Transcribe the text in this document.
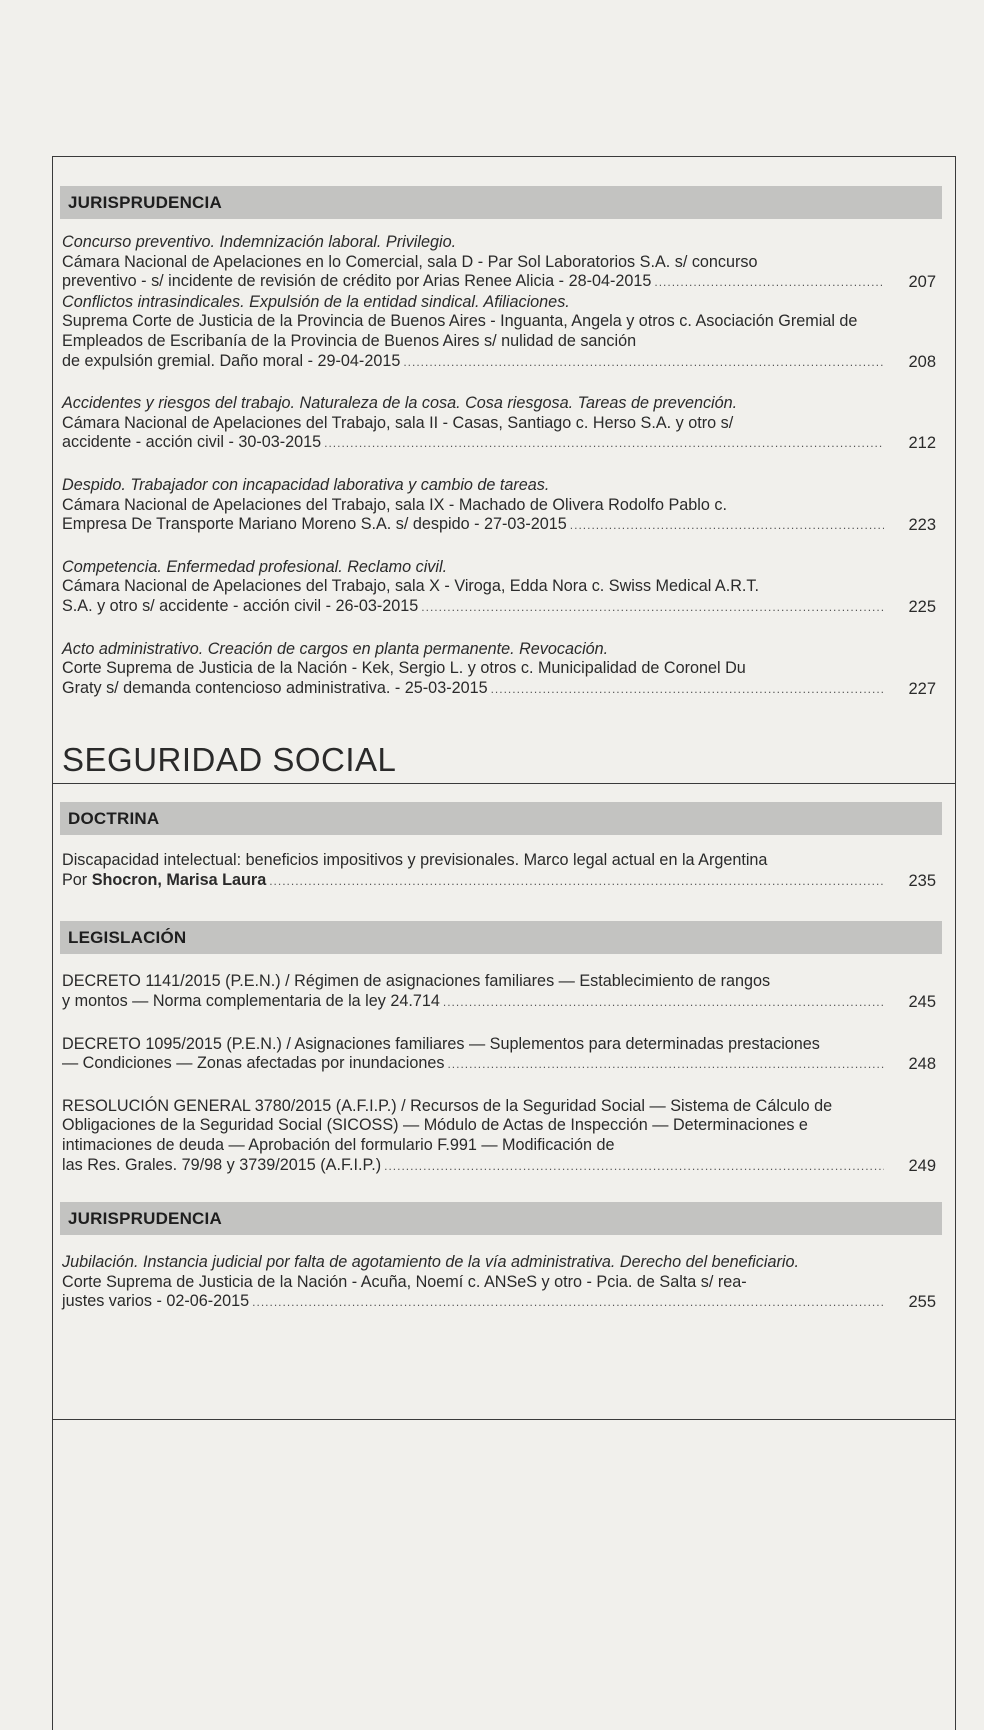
JURISPRUDENCIA
Concurso preventivo. Indemnización laboral. Privilegio.
Cámara Nacional de Apelaciones en lo Comercial, sala D - Par Sol Laboratorios S.A. s/ concurso
preventivo - s/ incidente de revisión de crédito por Arias Renee Alicia - 28-04-2015 .....	207
Conflictos intrasindicales. Expulsión de la entidad sindical. Afiliaciones.
Suprema Corte de Justicia de la Provincia de Buenos Aires - Inguanta, Angela y otros c. Asociación Gremial de Empleados de Escribanía de la Provincia de Buenos Aires s/ nulidad de sanción
de expulsión gremial. Daño moral - 29-04-2015 .....	208
Accidentes y riesgos del trabajo. Naturaleza de la cosa. Cosa riesgosa. Tareas de prevención.
Cámara Nacional de Apelaciones del Trabajo, sala II - Casas, Santiago c. Herso S.A. y otro s/
accidente - acción civil - 30-03-2015 .....	212
Despido. Trabajador con incapacidad laborativa y cambio de tareas.
Cámara Nacional de Apelaciones del Trabajo, sala IX - Machado de Olivera Rodolfo Pablo c.
Empresa De Transporte Mariano Moreno S.A. s/ despido - 27-03-2015 .....	223
Competencia. Enfermedad profesional. Reclamo civil.
Cámara Nacional de Apelaciones del Trabajo, sala X - Viroga, Edda Nora c. Swiss Medical A.R.T.
S.A. y otro s/ accidente - acción civil - 26-03-2015 .....	225
Acto administrativo. Creación de cargos en planta permanente. Revocación.
Corte Suprema de Justicia de la Nación - Kek, Sergio L. y otros c. Municipalidad de Coronel Du
Graty s/ demanda contencioso administrativa. - 25-03-2015 .....	227
SEGURIDAD SOCIAL
DOCTRINA
Discapacidad intelectual: beneficios impositivos y previsionales. Marco legal actual en la Argentina
Por Shocron, Marisa Laura .....	235
LEGISLACIÓN
DECRETO 1141/2015 (P.E.N.) / Régimen de asignaciones familiares — Establecimiento de rangos
y montos — Norma complementaria de la ley 24.714 .....	245
DECRETO 1095/2015 (P.E.N.) / Asignaciones familiares — Suplementos para determinadas prestaciones
— Condiciones — Zonas afectadas por inundaciones .....	248
RESOLUCIÓN GENERAL 3780/2015 (A.F.I.P.) / Recursos de la Seguridad Social — Sistema de Cálculo de Obligaciones de la Seguridad Social (SICOSS) — Módulo de Actas de Inspección — Determinaciones e intimaciones de deuda — Aprobación del formulario F.991 — Modificación de
las Res. Grales. 79/98 y 3739/2015 (A.F.I.P.) .....	249
JURISPRUDENCIA
Jubilación. Instancia judicial por falta de agotamiento de la vía administrativa. Derecho del beneficiario.
Corte Suprema de Justicia de la Nación - Acuña, Noemí c. ANSeS y otro - Pcia. de Salta s/ rea-
justes varios - 02-06-2015 .....	255
